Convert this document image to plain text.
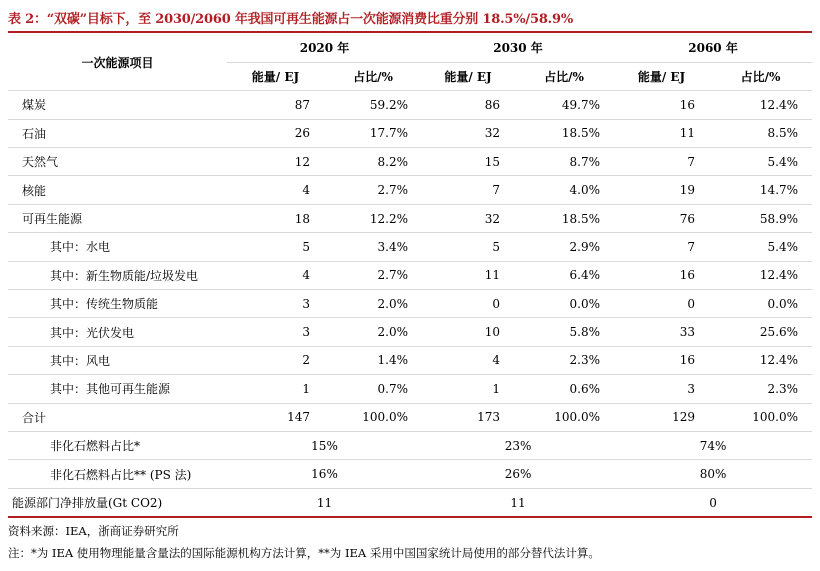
表 2：“双碳”目标下，至 2030/2060 年我国可再生能源占一次能源消费比重分别 18.5%/58.9%
一次能源项目	2020 年		2030 年		2060 年	
	能量/ EJ	占比/%	能量/ EJ	占比/%	能量/ EJ	占比/%
煤炭	87	59.2%	86	49.7%	16	12.4%
石油	26	17.7%	32	18.5%	11	8.5%
天然气	12	8.2%	15	8.7%	7	5.4%
核能	4	2.7%	7	4.0%	19	14.7%
可再生能源	18	12.2%	32	18.5%	76	58.9%
其中：水电	5	3.4%	5	2.9%	7	5.4%
其中：新生物质能/垃圾发电	4	2.7%	11	6.4%	16	12.4%
其中：传统生物质能	3	2.0%	0	0.0%	0	0.0%
其中：光伏发电	3	2.0%	10	5.8%	33	25.6%
其中：风电	2	1.4%	4	2.3%	16	12.4%
其中：其他可再生能源	1	0.7%	1	0.6%	3	2.3%
合计	147	100.0%	173	100.0%	129	100.0%
非化石燃料占比*	15%		23%		74%	
非化石燃料占比** (PS 法)	16%		26%		80%	
能源部门净排放量(Gt CO2)	11		11		0	
资料来源：IEA，浙商证券研究所
注：*为 IEA 使用物理能量含量法的国际能源机构方法计算，**为 IEA 采用中国国家统计局使用的部分替代法计算。
